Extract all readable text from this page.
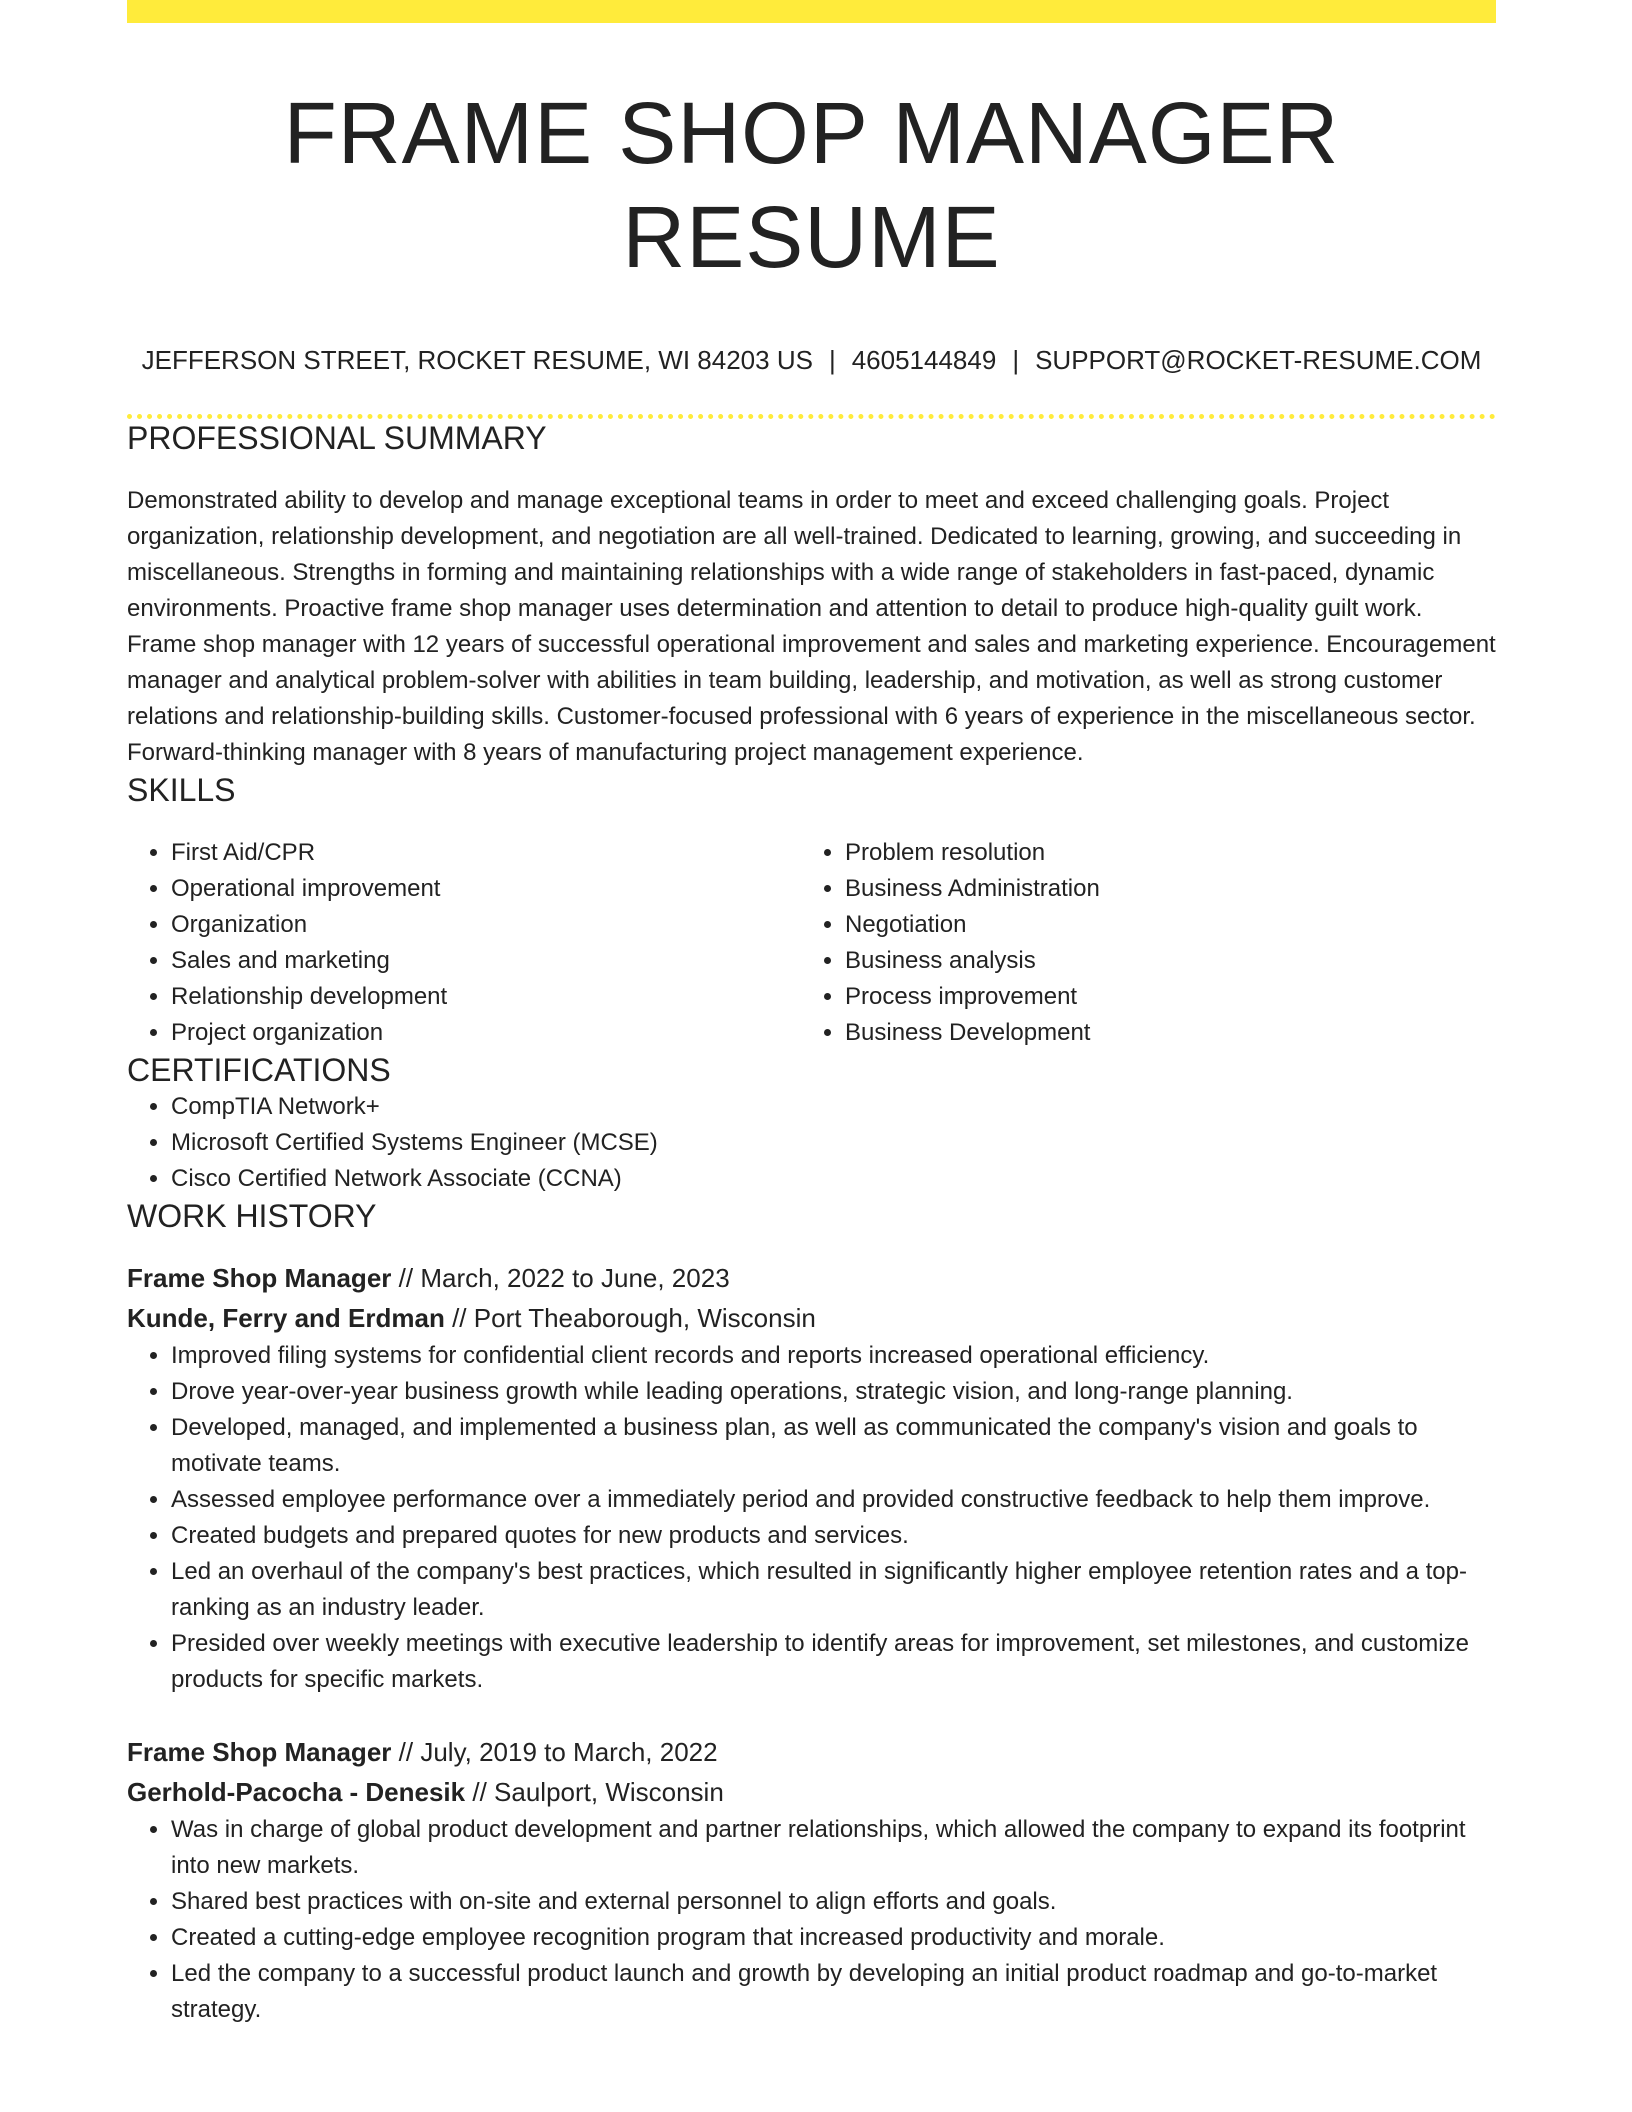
FRAME SHOP MANAGER RESUME
JEFFERSON STREET, ROCKET RESUME, WI 84203 US | 4605144849 | SUPPORT@ROCKET-RESUME.COM
PROFESSIONAL SUMMARY

Demonstrated ability to develop and manage exceptional teams in order to meet and exceed challenging goals. Project organization, relationship development, and negotiation are all well-trained. Dedicated to learning, growing, and succeeding in miscellaneous. Strengths in forming and maintaining relationships with a wide range of stakeholders in fast-paced, dynamic environments. Proactive frame shop manager uses determination and attention to detail to produce high-quality guilt work. Frame shop manager with 12 years of successful operational improvement and sales and marketing experience. Encouragement manager and analytical problem-solver with abilities in team building, leadership, and motivation, as well as strong customer relations and relationship-building skills. Customer-focused professional with 6 years of experience in the miscellaneous sector. Forward-thinking manager with 8 years of manufacturing project management experience.

SKILLS
• First Aid/CPR
• Operational improvement
• Organization
• Sales and marketing
• Relationship development
• Project organization
• Problem resolution
• Business Administration
• Negotiation
• Business analysis
• Process improvement
• Business Development
CERTIFICATIONS
• CompTIA Network+
• Microsoft Certified Systems Engineer (MCSE)
• Cisco Certified Network Associate (CCNA)
WORK HISTORY
Frame Shop Manager // March, 2022 to June, 2023
Kunde, Ferry and Erdman // Port Theaborough, Wisconsin
• Improved filing systems for confidential client records and reports increased operational efficiency.
• Drove year-over-year business growth while leading operations, strategic vision, and long-range planning.
• Developed, managed, and implemented a business plan, as well as communicated the company's vision and goals to motivate teams.
• Assessed employee performance over a immediately period and provided constructive feedback to help them improve.
• Created budgets and prepared quotes for new products and services.
• Led an overhaul of the company's best practices, which resulted in significantly higher employee retention rates and a top-ranking as an industry leader.
• Presided over weekly meetings with executive leadership to identify areas for improvement, set milestones, and customize products for specific markets.
Frame Shop Manager // July, 2019 to March, 2022
Gerhold-Pacocha - Denesik // Saulport, Wisconsin
• Was in charge of global product development and partner relationships, which allowed the company to expand its footprint into new markets.
• Shared best practices with on-site and external personnel to align efforts and goals.
• Created a cutting-edge employee recognition program that increased productivity and morale.
• Led the company to a successful product launch and growth by developing an initial product roadmap and go-to-market strategy.
